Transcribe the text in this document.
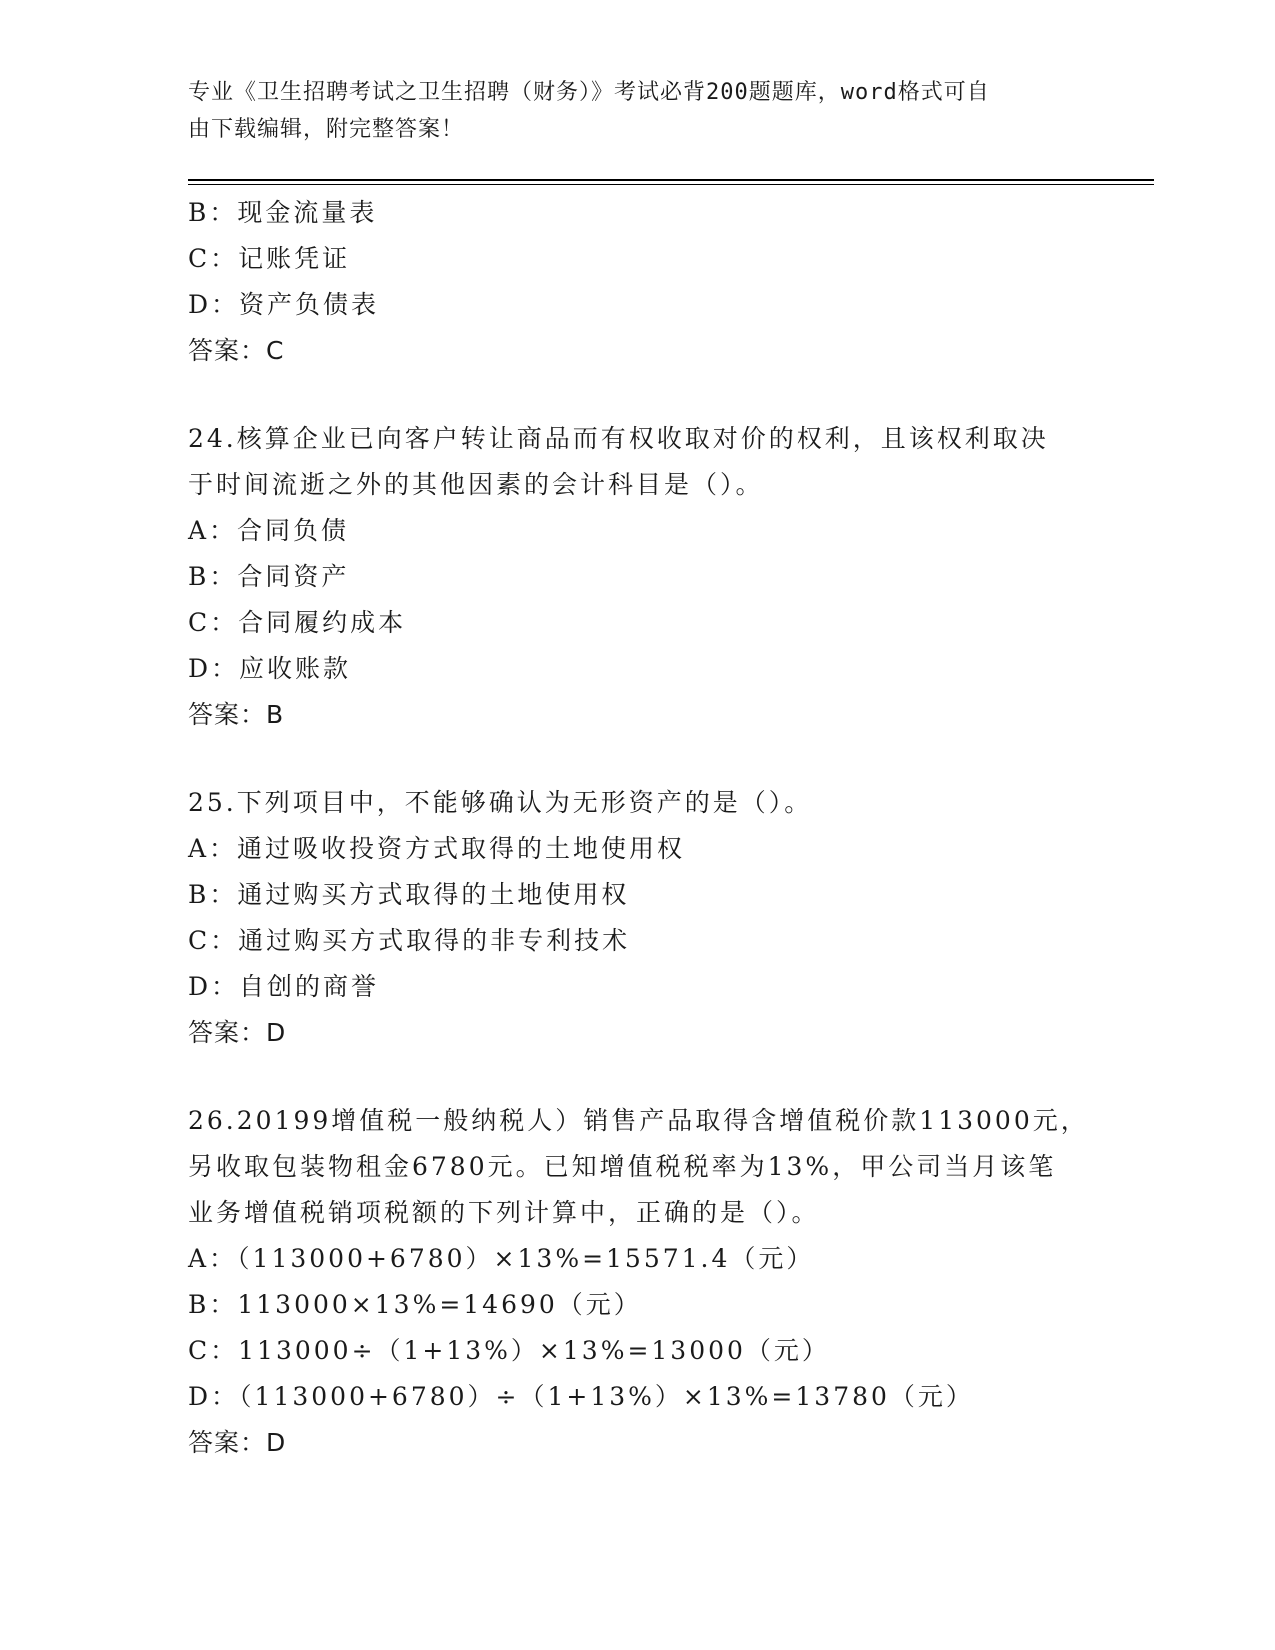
专业《卫生招聘考试之卫生招聘（财务）》考试必背200题题库，word格式可自
由下载编辑，附完整答案！
B：现金流量表
C：记账凭证
D：资产负债表
答案：C
24.核算企业已向客户转让商品而有权收取对价的权利，且该权利取决
于时间流逝之外的其他因素的会计科目是（）。
A：合同负债
B：合同资产
C：合同履约成本
D：应收账款
答案：B
25.下列项目中，不能够确认为无形资产的是（）。
A：通过吸收投资方式取得的土地使用权
B：通过购买方式取得的土地使用权
C：通过购买方式取得的非专利技术
D：自创的商誉
答案：D
26.20199增值税一般纳税人）销售产品取得含增值税价款113000元，
另收取包装物租金6780元。已知增值税税率为13%，甲公司当月该笔
业务增值税销项税额的下列计算中，正确的是（）。
A：（113000+6780）×13%=15571.4（元）
B：113000×13%=14690（元）
C：113000÷（1+13%）×13%=13000（元）
D：（113000+6780）÷（1+13%）×13%=13780（元）
答案：D
